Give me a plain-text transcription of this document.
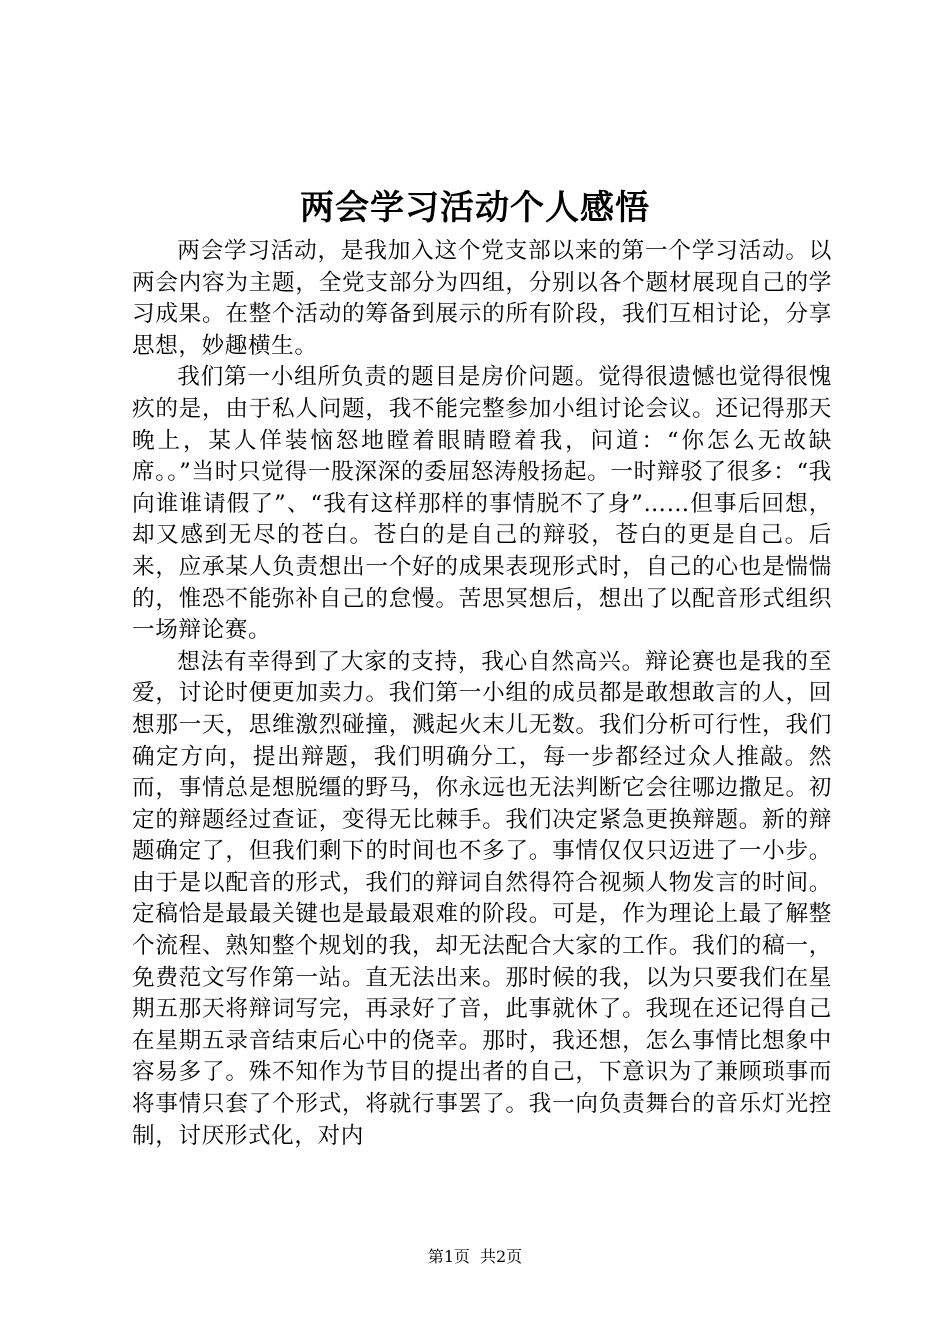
两会学习活动个人感悟

两会学习活动，是我加入这个党支部以来的第一个学习活动。以两会内容为主题，全党支部分为四组，分别以各个题材展现自己的学习成果。在整个活动的筹备到展示的所有阶段，我们互相讨论，分享思想，妙趣横生。

我们第一小组所负责的题目是房价问题。觉得很遗憾也觉得很愧疚的是，由于私人问题，我不能完整参加小组讨论会议。还记得那天晚上，某人佯装恼怒地瞠着眼睛瞪着我，问道：“你怎么无故缺席。。”当时只觉得一股深深的委屈怒涛般扬起。一时辩驳了很多：“我向谁谁请假了”、“我有这样那样的事情脱不了身”……但事后回想，却又感到无尽的苍白。苍白的是自己的辩驳，苍白的更是自己。后来，应承某人负责想出一个好的成果表现形式时，自己的心也是惴惴的，惟恐不能弥补自己的怠慢。苦思冥想后，想出了以配音形式组织一场辩论赛。

想法有幸得到了大家的支持，我心自然高兴。辩论赛也是我的至爱，讨论时便更加卖力。我们第一小组的成员都是敢想敢言的人，回想那一天，思维激烈碰撞，溅起火末儿无数。我们分析可行性，我们确定方向，提出辩题，我们明确分工，每一步都经过众人推敲。然而，事情总是想脱缰的野马，你永远也无法判断它会往哪边撒足。初定的辩题经过查证，变得无比棘手。我们决定紧急更换辩题。新的辩题确定了，但我们剩下的时间也不多了。事情仅仅只迈进了一小步。由于是以配音的形式，我们的辩词自然得符合视频人物发言的时间。定稿恰是最最关键也是最最艰难的阶段。可是，作为理论上最了解整个流程、熟知整个规划的我，却无法配合大家的工作。我们的稿一，免费范文写作第一站。直无法出来。那时候的我，以为只要我们在星期五那天将辩词写完，再录好了音，此事就休了。我现在还记得自己在星期五录音结束后心中的侥幸。那时，我还想，怎么事情比想象中容易多了。殊不知作为节目的提出者的自己，下意识为了兼顾琐事而将事情只套了个形式，将就行事罢了。我一向负责舞台的音乐灯光控制，讨厌形式化，对内

第1页 共2页
